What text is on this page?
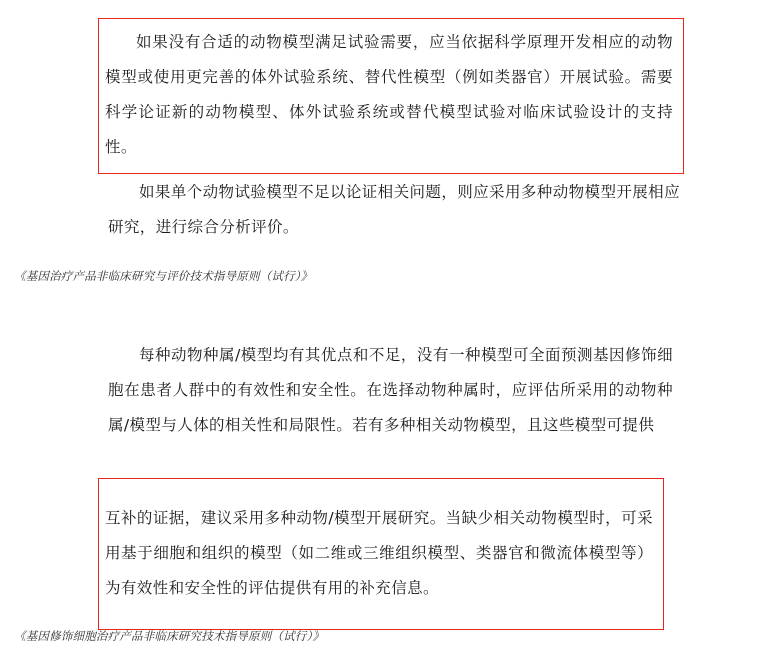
如果没有合适的动物模型满足试验需要，应当依据科学原理开发相应的动物模型或使用更完善的体外试验系统、替代性模型（例如类器官）开展试验。需要科学论证新的动物模型、体外试验系统或替代模型试验对临床试验设计的支持性。

如果单个动物试验模型不足以论证相关问题，则应采用多种动物模型开展相应研究，进行综合分析评价。

《基因治疗产品非临床研究与评价技术指导原则（试行）》

每种动物种属/模型均有其优点和不足，没有一种模型可全面预测基因修饰细胞在患者人群中的有效性和安全性。在选择动物种属时，应评估所采用的动物种属/模型与人体的相关性和局限性。若有多种相关动物模型，且这些模型可提供

互补的证据，建议采用多种动物/模型开展研究。当缺少相关动物模型时，可采用基于细胞和组织的模型（如二维或三维组织模型、类器官和微流体模型等）为有效性和安全性的评估提供有用的补充信息。

《基因修饰细胞治疗产品非临床研究技术指导原则（试行）》
